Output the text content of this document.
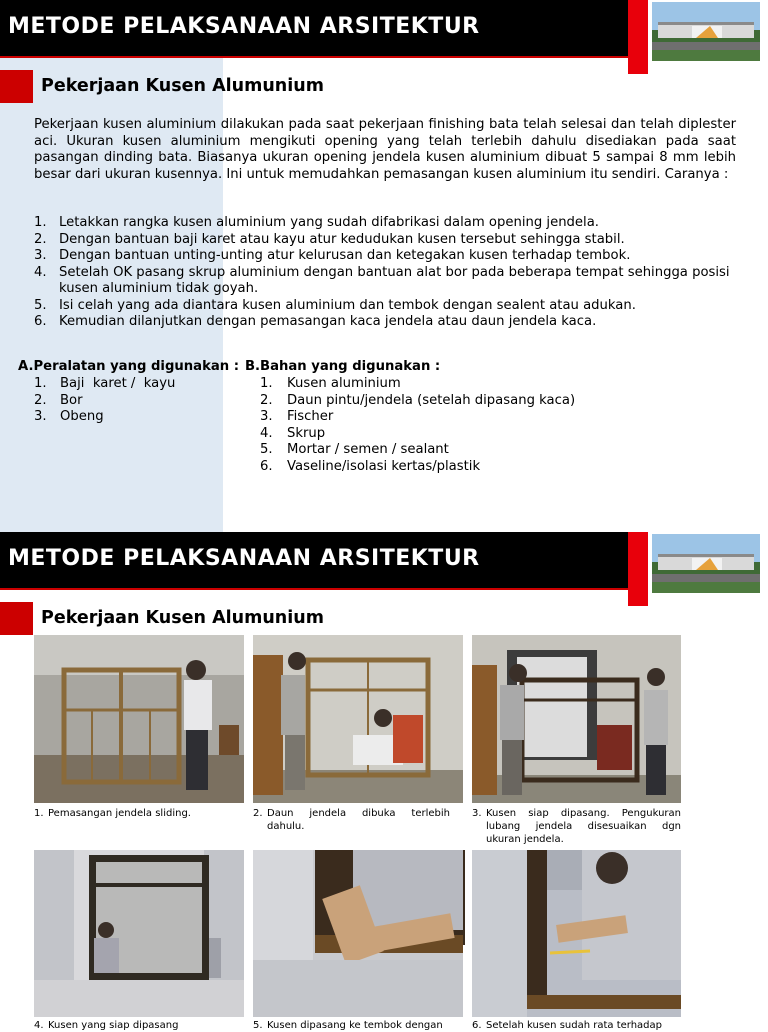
METODE PELAKSANAAN ARSITEKTUR
Pekerjaan Kusen Alumunium

Pekerjaan kusen aluminium dilakukan pada saat pekerjaan finishing bata telah selesai dan telah diplester aci. Ukuran kusen aluminium mengikuti opening yang telah terlebih dahulu disediakan pada saat pasangan dinding bata. Biasanya ukuran opening jendela kusen aluminium dibuat 5 sampai 8 mm lebih besar dari ukuran kusennya. Ini untuk memudahkan pemasangan kusen aluminium itu sendiri. Caranya :

1. Letakkan rangka kusen aluminium yang sudah difabrikasi dalam opening jendela.
2. Dengan bantuan baji karet atau kayu atur kedudukan kusen tersebut sehingga stabil.
3. Dengan bantuan unting-unting atur kelurusan dan ketegakan kusen terhadap tembok.
4. Setelah OK pasang skrup aluminium dengan bantuan alat bor pada beberapa tempat sehingga posisi kusen aluminium tidak goyah.
5. Isi celah yang ada diantara kusen aluminium dan tembok dengan sealent atau adukan.
6. Kemudian dilanjutkan dengan pemasangan kaca jendela atau daun jendela kaca.
A.Peralatan yang digunakan :
1. Baji  karet /  kayu
2. Bor
3. Obeng
B.Bahan yang digunakan :
1. Kusen aluminium
2. Daun pintu/jendela (setelah dipasang kaca)
3. Fischer
4. Skrup
5. Mortar / semen / sealant
6. Vaseline/isolasi kertas/plastik
METODE PELAKSANAAN ARSITEKTUR
Pekerjaan Kusen Alumunium
1. Pemasangan jendela sliding.	2. Daun jendela dibuka terlebih dahulu.
3. Kusen siap dipasang. Pengukuran lubang jendela disesuaikan dgn ukuran jendela.
4. Kusen yang siap dipasang	5. Kusen dipasang ke tembok dengan	6. Setelah kusen sudah rata terhadap
